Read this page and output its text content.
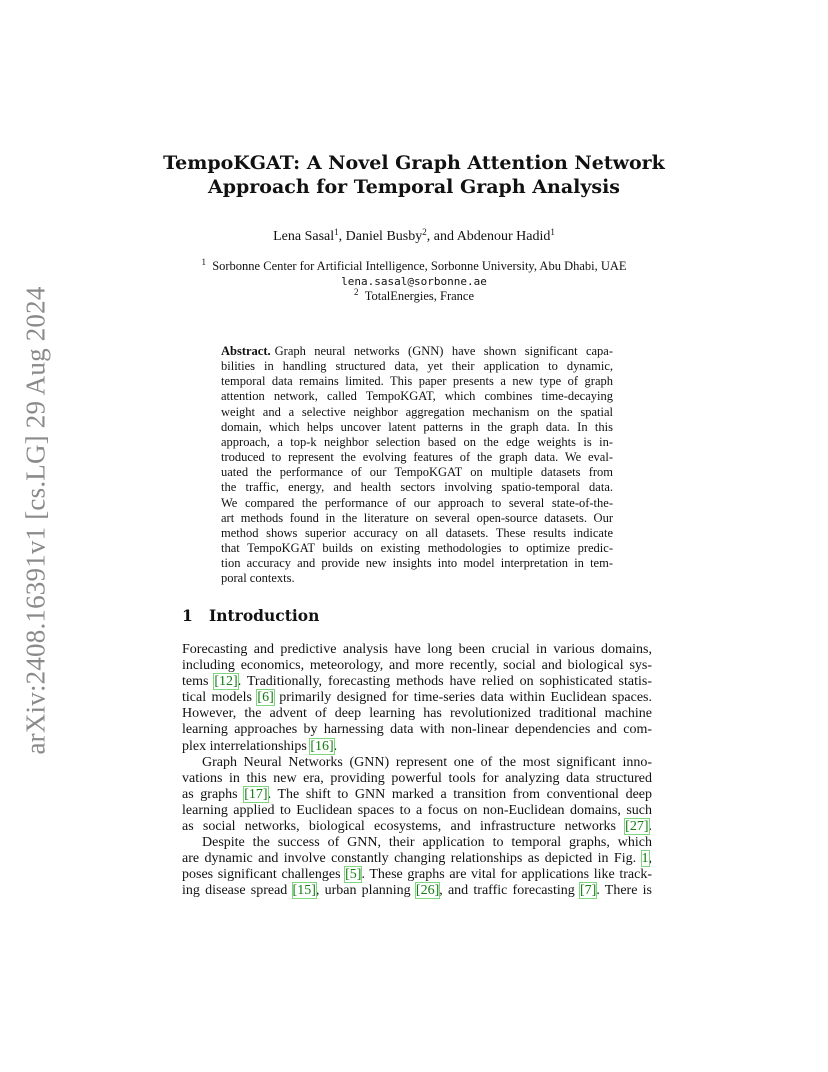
arXiv:2408.16391v1 [cs.LG] 29 Aug 2024
TempoKGAT: A Novel Graph Attention Network
Approach for Temporal Graph Analysis
Lena Sasal$^1$, Daniel Busby$^2$, and Abdenour Hadid$^1$
$^1$ Sorbonne Center for Artificial Intelligence, Sorbonne University, Abu Dhabi, UAE
lena.sasal@sorbonne.ae
$^2$ TotalEnergies, France
Abstract. Graph neural networks (GNN) have shown significant capa-
bilities in handling structured data, yet their application to dynamic,
temporal data remains limited. This paper presents a new type of graph
attention network, called TempoKGAT, which combines time-decaying
weight and a selective neighbor aggregation mechanism on the spatial
domain, which helps uncover latent patterns in the graph data. In this
approach, a top-k neighbor selection based on the edge weights is in-
troduced to represent the evolving features of the graph data. We eval-
uated the performance of our TempoKGAT on multiple datasets from
the traffic, energy, and health sectors involving spatio-temporal data.
We compared the performance of our approach to several state-of-the-
art methods found in the literature on several open-source datasets. Our
method shows superior accuracy on all datasets. These results indicate
that TempoKGAT builds on existing methodologies to optimize predic-
tion accuracy and provide new insights into model interpretation in tem-
poral contexts.
1 Introduction
Forecasting and predictive analysis have long been crucial in various domains,
including economics, meteorology, and more recently, social and biological sys-
tems [12]. Traditionally, forecasting methods have relied on sophisticated statis-
tical models [6] primarily designed for time-series data within Euclidean spaces.
However, the advent of deep learning has revolutionized traditional machine
learning approaches by harnessing data with non-linear dependencies and com-
plex interrelationships [16].
Graph Neural Networks (GNN) represent one of the most significant inno-
vations in this new era, providing powerful tools for analyzing data structured
as graphs [17]. The shift to GNN marked a transition from conventional deep
learning applied to Euclidean spaces to a focus on non-Euclidean domains, such
as social networks, biological ecosystems, and infrastructure networks [27].
Despite the success of GNN, their application to temporal graphs, which
are dynamic and involve constantly changing relationships as depicted in Fig. 1,
poses significant challenges [5]. These graphs are vital for applications like track-
ing disease spread [15], urban planning [26], and traffic forecasting [7]. There is
